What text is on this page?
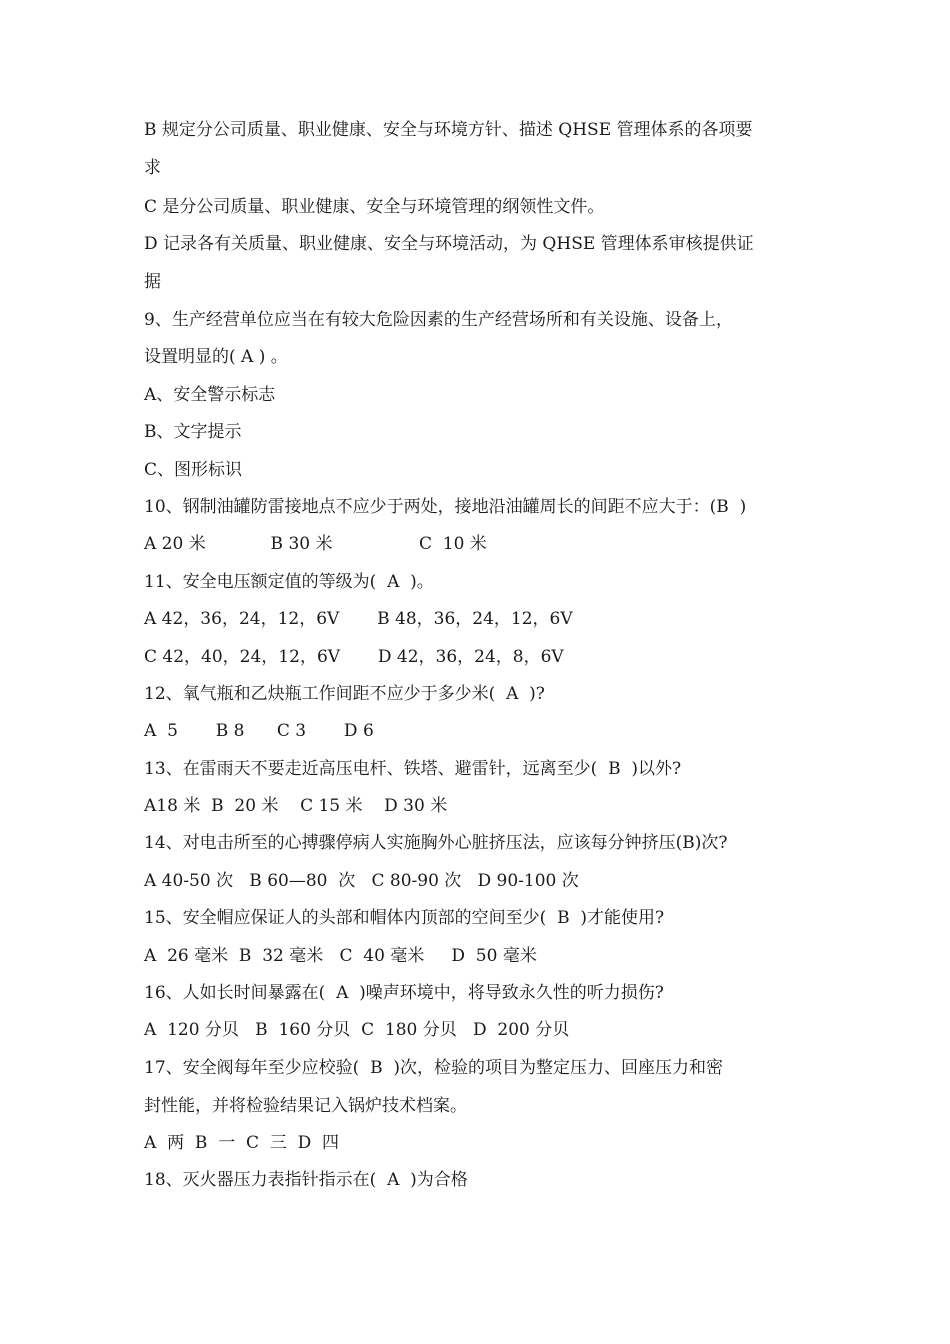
B 规定分公司质量、职业健康、安全与环境方针、描述 QHSE 管理体系的各项要
求
C 是分公司质量、职业健康、安全与环境管理的纲领性文件。
D 记录各有关质量、职业健康、安全与环境活动，为 QHSE 管理体系审核提供证
据
9、生产经营单位应当在有较大危险因素的生产经营场所和有关设施、设备上，
设置明显的( A ) 。
A、安全警示标志
B、文字提示
C、图形标识
10、钢制油罐防雷接地点不应少于两处，接地沿油罐周长的间距不应大于：(B  )
A 20 米            B 30 米                C  10 米
11、安全电压额定值的等级为(  A  )。
A 42，36，24，12，6V       B 48，36，24，12，6V
C 42，40，24，12，6V       D 42，36，24，8，6V
12、氧气瓶和乙炔瓶工作间距不应少于多少米(  A  )?
A  5       B 8      C 3       D 6
13、在雷雨天不要走近高压电杆、铁塔、避雷针，远离至少(  B  )以外?
A18 米  B  20 米    C 15 米    D 30 米
14、对电击所至的心搏骤停病人实施胸外心脏挤压法，应该每分钟挤压(B)次?
A 40-50 次   B 60—80  次   C 80-90 次   D 90-100 次
15、安全帽应保证人的头部和帽体内顶部的空间至少(  B  )才能使用?
A  26 毫米  B  32 毫米   C  40 毫米     D  50 毫米
16、人如长时间暴露在(  A  )噪声环境中，将导致永久性的听力损伤?
A  120 分贝   B  160 分贝  C  180 分贝   D  200 分贝
17、安全阀每年至少应校验(  B  )次，检验的项目为整定压力、回座压力和密
封性能，并将检验结果记入锅炉技术档案。
A  两  B  一  C  三  D  四
18、灭火器压力表指针指示在(  A  )为合格
